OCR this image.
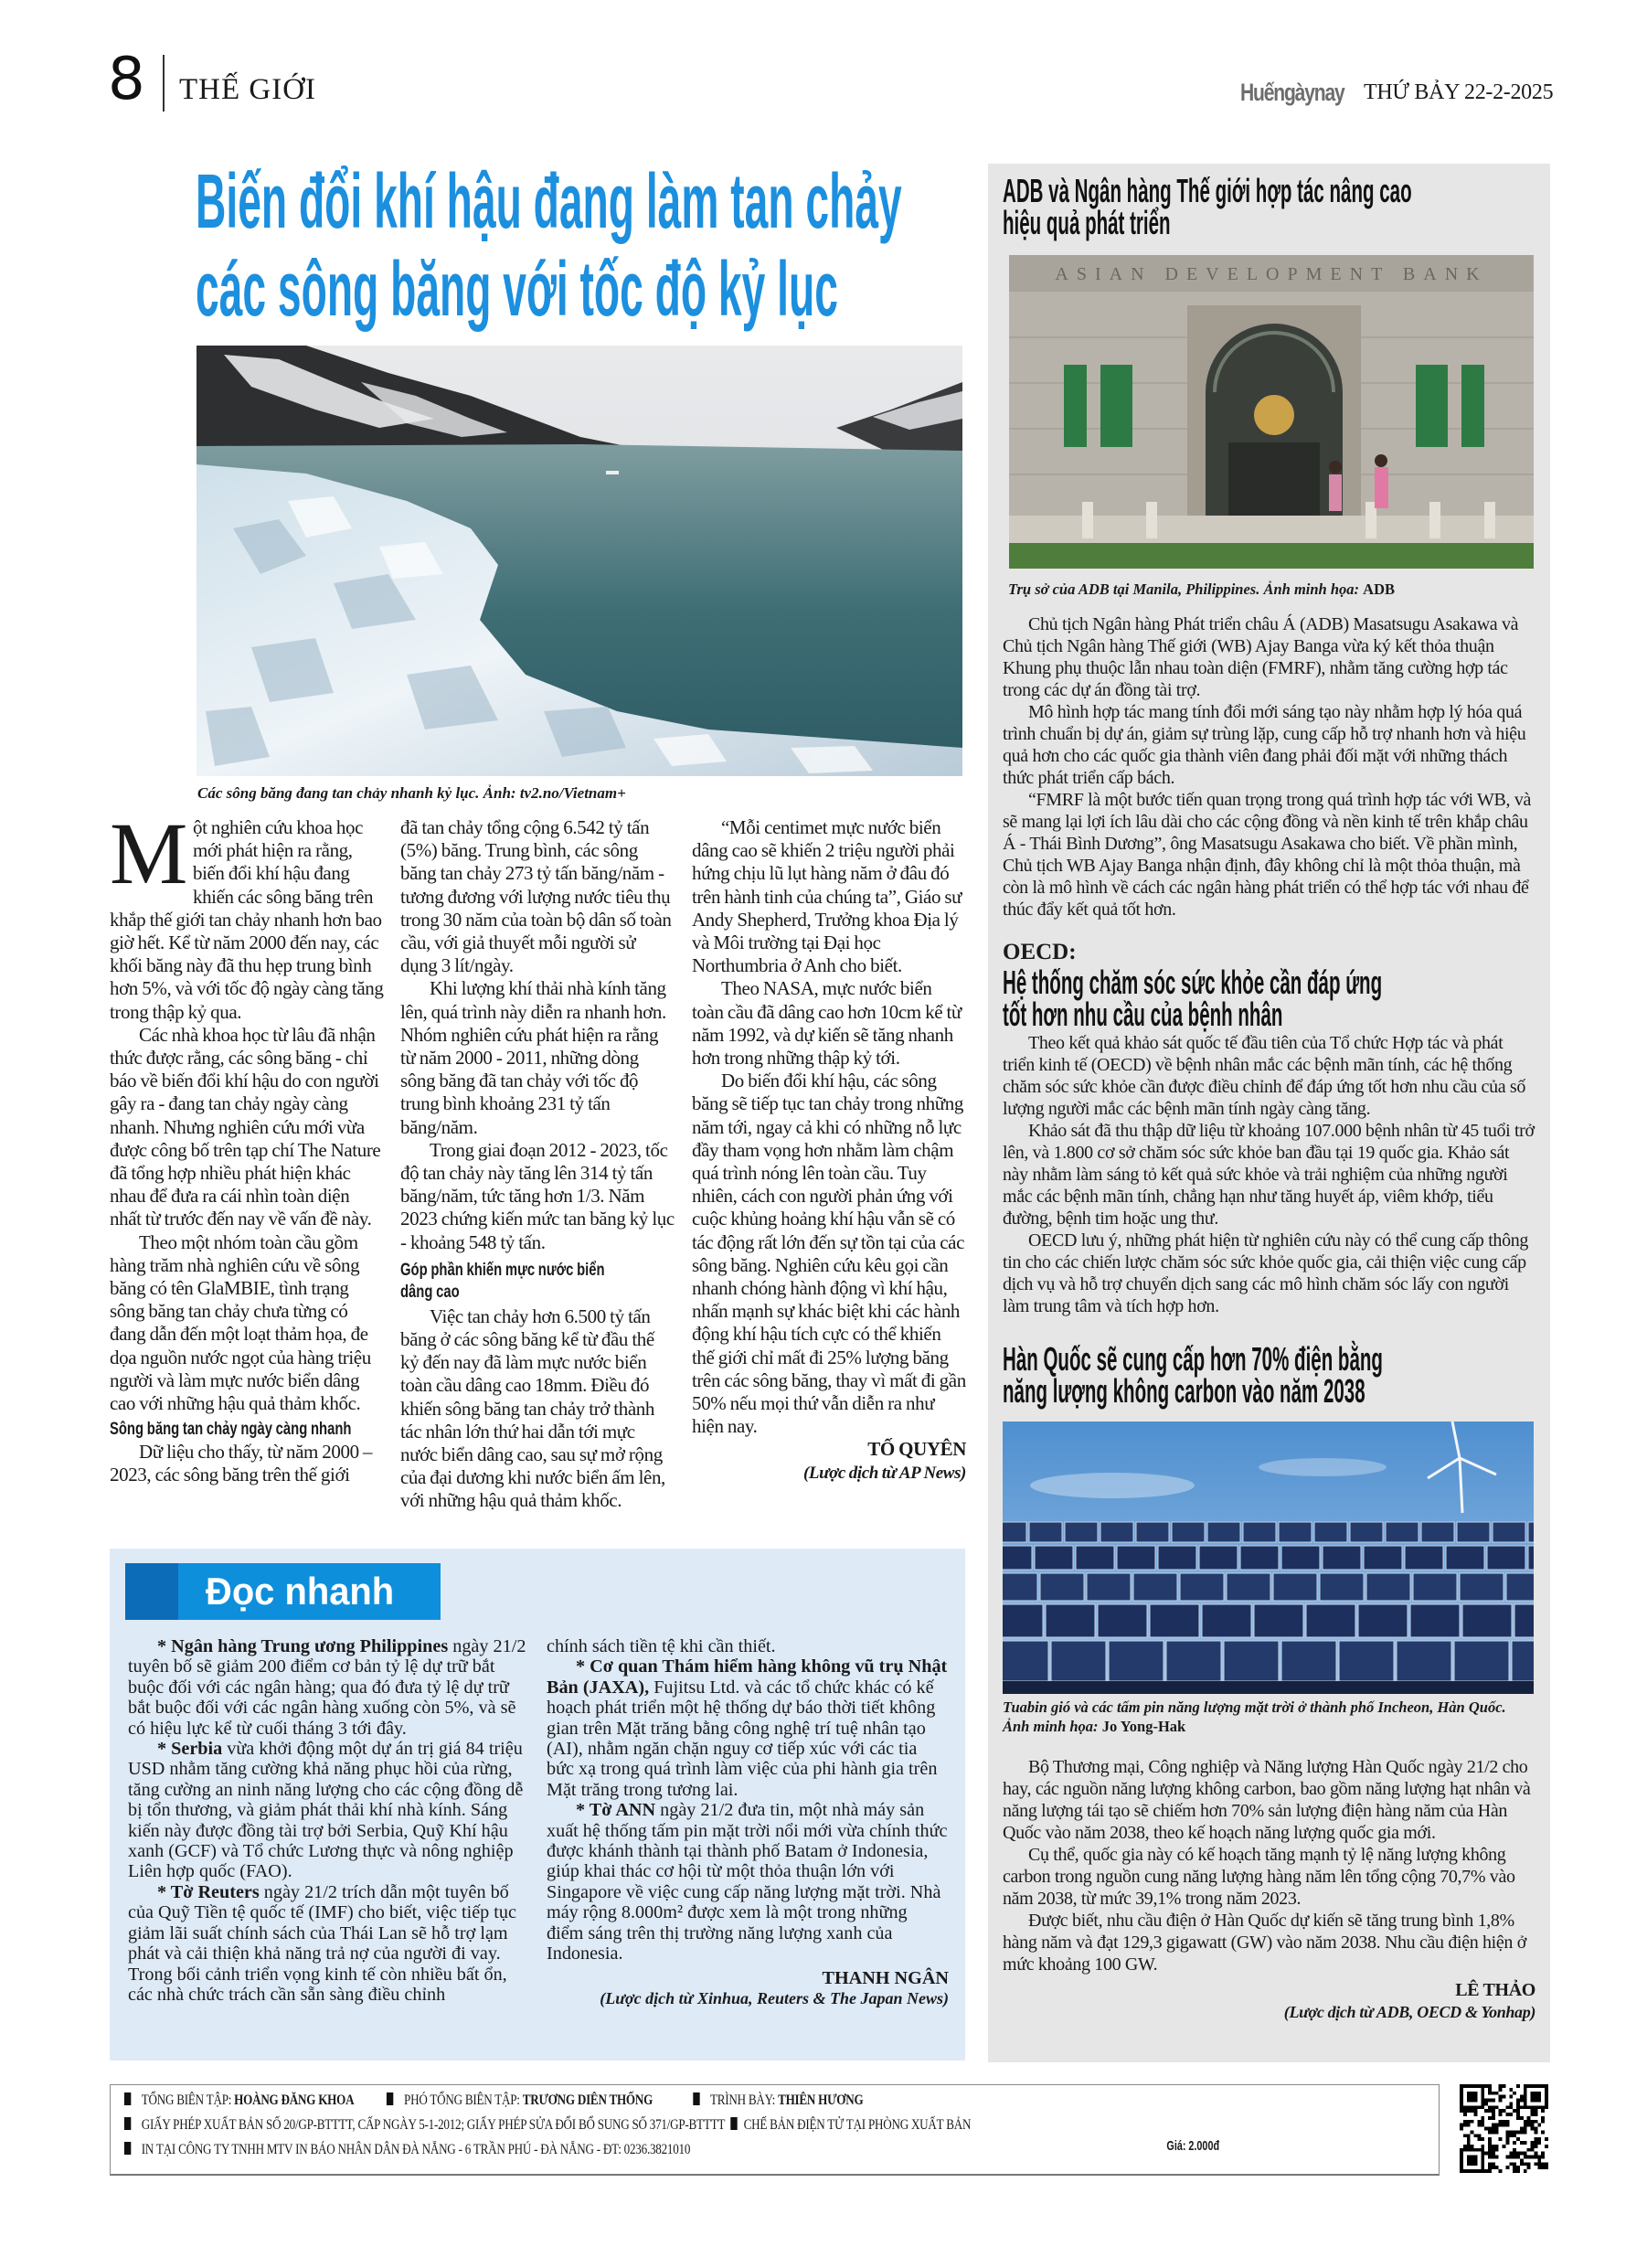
8 THẾ GIỚI	Huếngàynay THỨ BẢY 22-2-2025
Biến đổi khí hậu đang làm tan chảy
các sông băng với tốc độ kỷ lục
Các sông băng đang tan chảy nhanh kỷ lục. Ảnh: tv2.no/Vietnam+

Một nghiên cứu khoa học mới phát hiện ra rằng, biến đổi khí hậu đang khiến các sông băng trên khắp thế giới tan chảy nhanh hơn bao giờ hết. Kể từ năm 2000 đến nay, các khối băng này đã thu hẹp trung bình hơn 5%, và với tốc độ ngày càng tăng trong thập kỷ qua.

Các nhà khoa học từ lâu đã nhận thức được rằng, các sông băng - chỉ báo về biến đổi khí hậu do con người gây ra - đang tan chảy ngày càng nhanh. Nhưng nghiên cứu mới vừa được công bố trên tạp chí The Nature đã tổng hợp nhiều phát hiện khác nhau để đưa ra cái nhìn toàn diện nhất từ trước đến nay về vấn đề này.

Theo một nhóm toàn cầu gồm hàng trăm nhà nghiên cứu về sông băng có tên GlaMBIE, tình trạng sông băng tan chảy chưa từng có đang dẫn đến một loạt thảm họa, đe dọa nguồn nước ngọt của hàng triệu người và làm mực nước biển dâng cao với những hậu quả thảm khốc.

Sông băng tan chảy ngày càng nhanh

Dữ liệu cho thấy, từ năm 2000 – 2023, các sông băng trên thế giới

đã tan chảy tổng cộng 6.542 tỷ tấn (5%) băng. Trung bình, các sông băng tan chảy 273 tỷ tấn băng/năm - tương đương với lượng nước tiêu thụ trong 30 năm của toàn bộ dân số toàn cầu, với giả thuyết mỗi người sử dụng 3 lít/ngày.

Khi lượng khí thải nhà kính tăng lên, quá trình này diễn ra nhanh hơn. Nhóm nghiên cứu phát hiện ra rằng từ năm 2000 - 2011, những dòng sông băng đã tan chảy với tốc độ trung bình khoảng 231 tỷ tấn băng/năm.

Trong giai đoạn 2012 - 2023, tốc độ tan chảy này tăng lên 314 tỷ tấn băng/năm, tức tăng hơn 1/3. Năm 2023 chứng kiến mức tan băng kỷ lục - khoảng 548 tỷ tấn.

Góp phần khiến mực nước biển
dâng cao

Việc tan chảy hơn 6.500 tỷ tấn băng ở các sông băng kể từ đầu thế kỷ đến nay đã làm mực nước biển toàn cầu dâng cao 18mm. Điều đó khiến sông băng tan chảy trở thành tác nhân lớn thứ hai dẫn tới mực nước biển dâng cao, sau sự mở rộng của đại dương khi nước biển ấm lên, với những hậu quả thảm khốc.

“Mỗi centimet mực nước biển dâng cao sẽ khiến 2 triệu người phải hứng chịu lũ lụt hàng năm ở đâu đó trên hành tinh của chúng ta”, Giáo sư Andy Shepherd, Trưởng khoa Địa lý và Môi trường tại Đại học Northumbria ở Anh cho biết.

Theo NASA, mực nước biển toàn cầu đã dâng cao hơn 10cm kể từ năm 1992, và dự kiến sẽ tăng nhanh hơn trong những thập kỷ tới.

Do biến đổi khí hậu, các sông băng sẽ tiếp tục tan chảy trong những năm tới, ngay cả khi có những nỗ lực đầy tham vọng hơn nhằm làm chậm quá trình nóng lên toàn cầu. Tuy nhiên, cách con người phản ứng với cuộc khủng hoảng khí hậu vẫn sẽ có tác động rất lớn đến sự tồn tại của các sông băng. Nghiên cứu kêu gọi cần nhanh chóng hành động vì khí hậu, nhấn mạnh sự khác biệt khi các hành động khí hậu tích cực có thể khiến thế giới chỉ mất đi 25% lượng băng trên các sông băng, thay vì mất đi gần 50% nếu mọi thứ vẫn diễn ra như hiện nay.

TỐ QUYÊN

(Lược dịch từ AP News)

Đọc nhanh

* Ngân hàng Trung ương Philippines ngày 21/2 tuyên bố sẽ giảm 200 điểm cơ bản tỷ lệ dự trữ bắt buộc đối với các ngân hàng; qua đó đưa tỷ lệ dự trữ bắt buộc đối với các ngân hàng xuống còn 5%, và sẽ có hiệu lực kể từ cuối tháng 3 tới đây.

* Serbia vừa khởi động một dự án trị giá 84 triệu USD nhằm tăng cường khả năng phục hồi của rừng, tăng cường an ninh năng lượng cho các cộng đồng dễ bị tổn thương, và giảm phát thải khí nhà kính. Sáng kiến này được đồng tài trợ bởi Serbia, Quỹ Khí hậu xanh (GCF) và Tổ chức Lương thực và nông nghiệp Liên hợp quốc (FAO).

* Tờ Reuters ngày 21/2 trích dẫn một tuyên bố của Quỹ Tiền tệ quốc tế (IMF) cho biết, việc tiếp tục giảm lãi suất chính sách của Thái Lan sẽ hỗ trợ lạm phát và cải thiện khả năng trả nợ của người đi vay. Trong bối cảnh triển vọng kinh tế còn nhiều bất ổn, các nhà chức trách cần sẵn sàng điều chỉnh

chính sách tiền tệ khi cần thiết.

* Cơ quan Thám hiểm hàng không vũ trụ Nhật Bản (JAXA), Fujitsu Ltd. và các tổ chức khác có kế hoạch phát triển một hệ thống dự báo thời tiết không gian trên Mặt trăng bằng công nghệ trí tuệ nhân tạo (AI), nhằm ngăn chặn nguy cơ tiếp xúc với các tia bức xạ trong quá trình làm việc của phi hành gia trên Mặt trăng trong tương lai.

* Tờ ANN ngày 21/2 đưa tin, một nhà máy sản xuất hệ thống tấm pin mặt trời nổi mới vừa chính thức được khánh thành tại thành phố Batam ở Indonesia, giúp khai thác cơ hội từ một thỏa thuận lớn với Singapore về việc cung cấp năng lượng mặt trời. Nhà máy rộng 8.000m² được xem là một trong những điểm sáng trên thị trường năng lượng xanh của Indonesia.

THANH NGÂN

(Lược dịch từ Xinhua, Reuters & The Japan News)

ADB và Ngân hàng Thế giới hợp tác nâng cao
hiệu quả phát triển
ASIAN DEVELOPMENT BANK
Trụ sở của ADB tại Manila, Philippines. Ảnh minh họa: ADB

Chủ tịch Ngân hàng Phát triển châu Á (ADB) Masatsugu Asakawa và Chủ tịch Ngân hàng Thế giới (WB) Ajay Banga vừa ký kết thỏa thuận Khung phụ thuộc lẫn nhau toàn diện (FMRF), nhằm tăng cường hợp tác trong các dự án đồng tài trợ.

Mô hình hợp tác mang tính đổi mới sáng tạo này nhằm hợp lý hóa quá trình chuẩn bị dự án, giảm sự trùng lặp, cung cấp hỗ trợ nhanh hơn và hiệu quả hơn cho các quốc gia thành viên đang phải đối mặt với những thách thức phát triển cấp bách.

“FMRF là một bước tiến quan trọng trong quá trình hợp tác với WB, và sẽ mang lại lợi ích lâu dài cho các cộng đồng và nền kinh tế trên khắp châu Á - Thái Bình Dương”, ông Masatsugu Asakawa cho biết. Về phần mình, Chủ tịch WB Ajay Banga nhận định, đây không chỉ là một thỏa thuận, mà còn là mô hình về cách các ngân hàng phát triển có thể hợp tác với nhau để thúc đẩy kết quả tốt hơn.

OECD:
Hệ thống chăm sóc sức khỏe cần đáp ứng
tốt hơn nhu cầu của bệnh nhân

Theo kết quả khảo sát quốc tế đầu tiên của Tổ chức Hợp tác và phát triển kinh tế (OECD) về bệnh nhân mắc các bệnh mãn tính, các hệ thống chăm sóc sức khỏe cần được điều chỉnh để đáp ứng tốt hơn nhu cầu của số lượng người mắc các bệnh mãn tính ngày càng tăng.

Khảo sát đã thu thập dữ liệu từ khoảng 107.000 bệnh nhân từ 45 tuổi trở lên, và 1.800 cơ sở chăm sóc sức khỏe ban đầu tại 19 quốc gia. Khảo sát này nhằm làm sáng tỏ kết quả sức khỏe và trải nghiệm của những người mắc các bệnh mãn tính, chẳng hạn như tăng huyết áp, viêm khớp, tiểu đường, bệnh tim hoặc ung thư.

OECD lưu ý, những phát hiện từ nghiên cứu này có thể cung cấp thông tin cho các chiến lược chăm sóc sức khỏe quốc gia, cải thiện việc cung cấp dịch vụ và hỗ trợ chuyển dịch sang các mô hình chăm sóc lấy con người làm trung tâm và tích hợp hơn.

Hàn Quốc sẽ cung cấp hơn 70% điện bằng
năng lượng không carbon vào năm 2038
Tuabin gió và các tấm pin năng lượng mặt trời ở thành phố Incheon, Hàn Quốc. Ảnh minh họa: Jo Yong-Hak

Bộ Thương mại, Công nghiệp và Năng lượng Hàn Quốc ngày 21/2 cho hay, các nguồn năng lượng không carbon, bao gồm năng lượng hạt nhân và năng lượng tái tạo sẽ chiếm hơn 70% sản lượng điện hàng năm của Hàn Quốc vào năm 2038, theo kế hoạch năng lượng quốc gia mới.

Cụ thể, quốc gia này có kế hoạch tăng mạnh tỷ lệ năng lượng không carbon trong nguồn cung năng lượng hàng năm lên tổng cộng 70,7% vào năm 2038, từ mức 39,1% trong năm 2023.

Được biết, nhu cầu điện ở Hàn Quốc dự kiến sẽ tăng trung bình 1,8% hàng năm và đạt 129,3 gigawatt (GW) vào năm 2038. Nhu cầu điện hiện ở mức khoảng 100 GW.

LÊ THẢO

(Lược dịch từ ADB, OECD & Yonhap)

TỔNG BIÊN TẬP: HOÀNG ĐĂNG KHOA	PHÓ TỔNG BIÊN TẬP: TRƯƠNG DIÊN THỐNG	TRÌNH BÀY: THIÊN HƯƠNG
GIẤY PHÉP XUẤT BẢN SỐ 20/GP-BTTTT, CẤP NGÀY 5-1-2012; GIẤY PHÉP SỬA ĐỔI BỔ SUNG SỐ 371/GP-BTTTT CHẾ BẢN ĐIỆN TỬ TẠI PHÒNG XUẤT BẢN
IN TẠI CÔNG TY TNHH MTV IN BÁO NHÂN DÂN ĐÀ NẴNG - 6 TRẦN PHÚ - ĐÀ NẴNG - ĐT: 0236.3821010	Giá: 2.000đ
